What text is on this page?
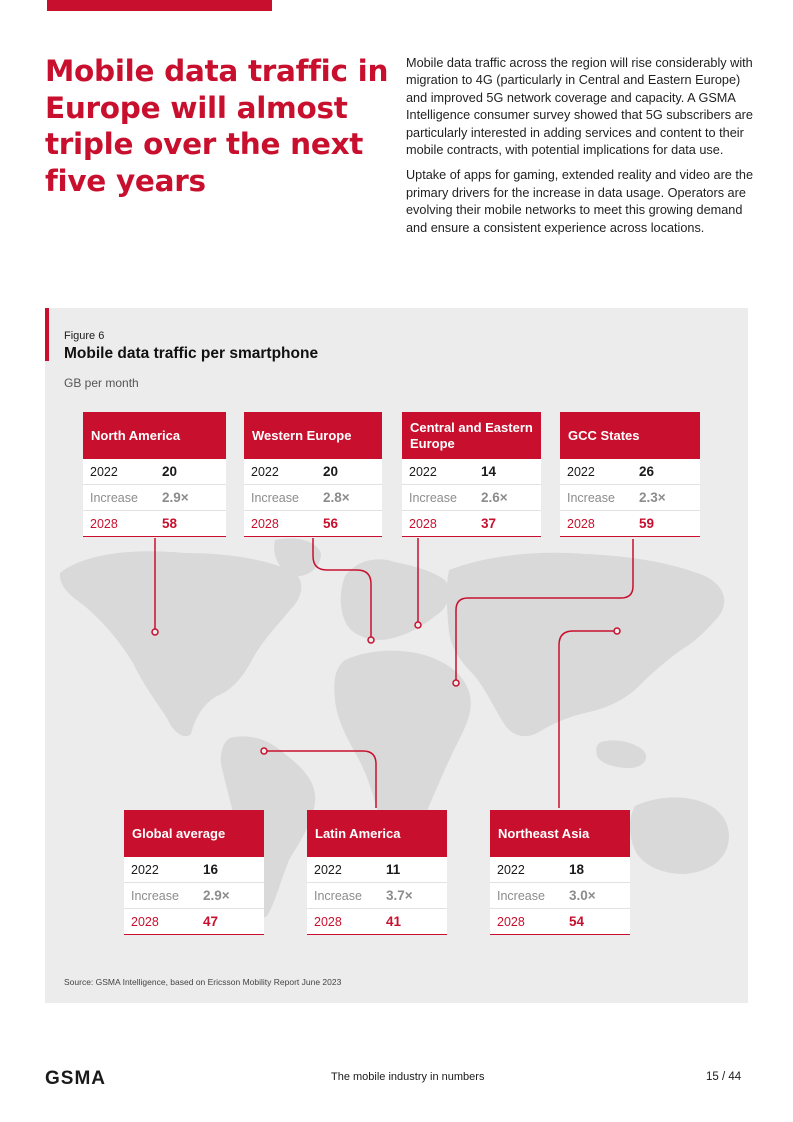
Mobile data traffic in Europe will almost triple over the next five years

Mobile data traffic across the region will rise considerably with migration to 4G (particularly in Central and Eastern Europe) and improved 5G network coverage and capacity. A GSMA Intelligence consumer survey showed that 5G subscribers are particularly interested in adding services and content to their mobile contracts, with potential implications for data use.

Uptake of apps for gaming, extended reality and video are the primary drivers for the increase in data usage. Operators are evolving their mobile networks to meet this growing demand and ensure a consistent experience across locations.

Figure 6
Mobile data traffic per smartphone
GB per month
North America
2022	20
Increase	2.9×
2028	58
Western Europe
2022	20
Increase	2.8×
2028	56
Central and Eastern Europe
2022	14
Increase	2.6×
2028	37
GCC States
2022	26
Increase	2.3×
2028	59
Global average
2022	16
Increase	2.9×
2028	47
Latin America
2022	11
Increase	3.7×
2028	41
Northeast Asia
2022	18
Increase	3.0×
2028	54
Source: GSMA Intelligence, based on Ericsson Mobility Report June 2023
GSMA	The mobile industry in numbers	15 / 44
